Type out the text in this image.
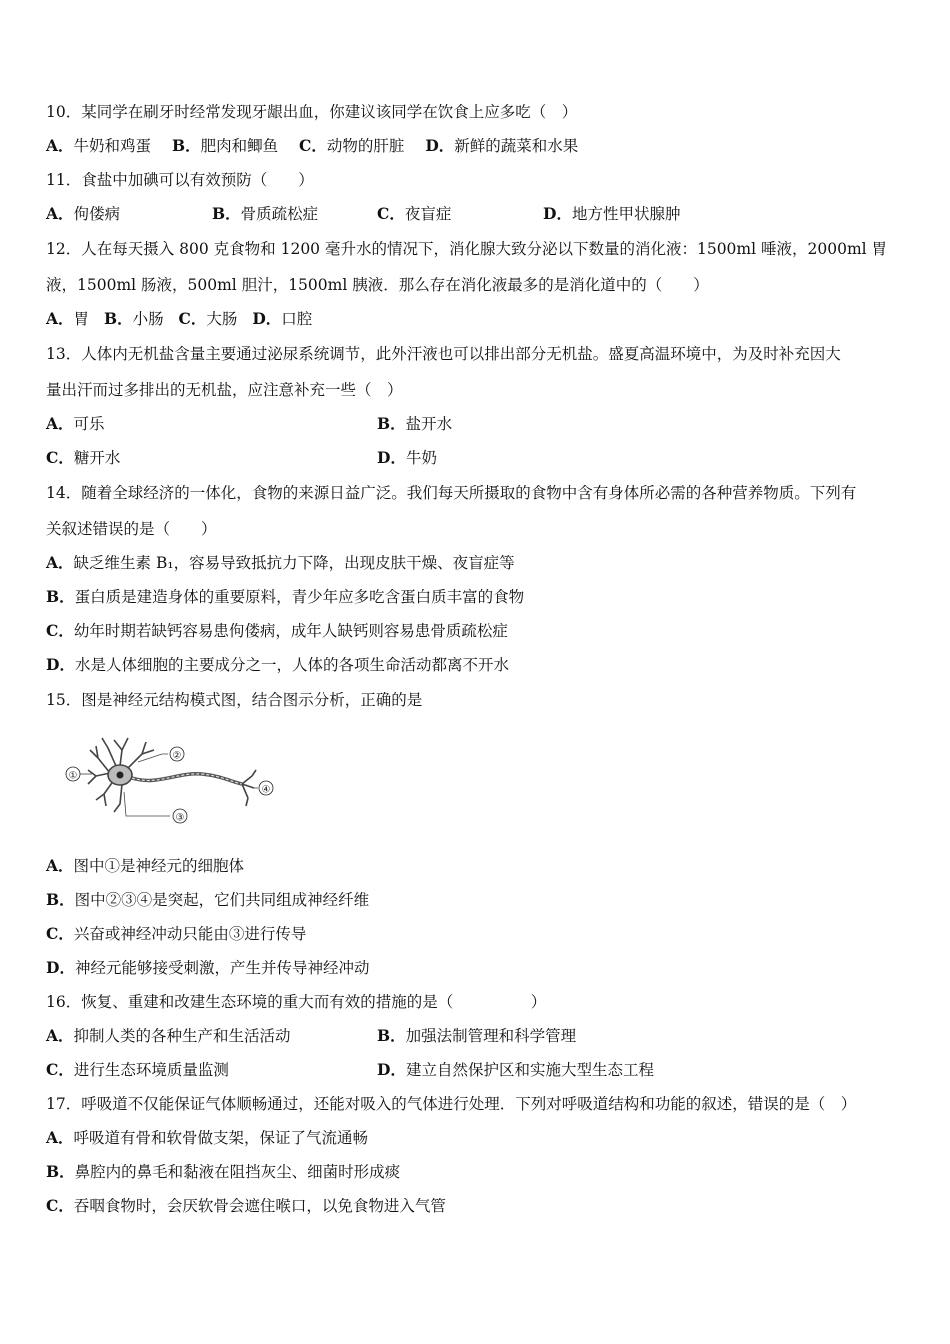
10．某同学在刷牙时经常发现牙龈出血，你建议该同学在饮食上应多吃（　）
A．牛奶和鸡蛋 B．肥肉和鲫鱼 C．动物的肝脏 D．新鲜的蔬菜和水果
11．食盐中加碘可以有效预防（　　）
A．佝偻病	B．骨质疏松症	C．夜盲症	D．地方性甲状腺肿
12．人在每天摄入 800 克食物和 1200 毫升水的情况下，消化腺大致分泌以下数量的消化液：1500ml 唾液，2000ml 胃
液，1500ml 肠液，500ml 胆汁，1500ml 胰液．那么存在消化液最多的是消化道中的（　　）
A．胃 B．小肠 C．大肠 D．口腔
13．人体内无机盐含量主要通过泌尿系统调节，此外汗液也可以排出部分无机盐。盛夏高温环境中，为及时补充因大
量出汗而过多排出的无机盐，应注意补充一些（　）
A．可乐	B．盐开水
C．糖开水	D．牛奶
14．随着全球经济的一体化，食物的来源日益广泛。我们每天所摄取的食物中含有身体所必需的各种营养物质。下列有
关叙述错误的是（　　）
A．缺乏维生素 B₁，容易导致抵抗力下降，出现皮肤干燥、夜盲症等
B．蛋白质是建造身体的重要原料，青少年应多吃含蛋白质丰富的食物
C．幼年时期若缺钙容易患佝偻病，成年人缺钙则容易患骨质疏松症
D．水是人体细胞的主要成分之一，人体的各项生命活动都离不开水
15．图是神经元结构模式图，结合图示分析，正确的是
①
②
③
④
A．图中①是神经元的细胞体
B．图中②③④是突起，它们共同组成神经纤维
C．兴奋或神经冲动只能由③进行传导
D．神经元能够接受刺激，产生并传导神经冲动
16．恢复、重建和改建生态环境的重大而有效的措施的是（　　　　　）
A．抑制人类的各种生产和生活活动	B．加强法制管理和科学管理
C．进行生态环境质量监测	D．建立自然保护区和实施大型生态工程
17．呼吸道不仅能保证气体顺畅通过，还能对吸入的气体进行处理．下列对呼吸道结构和功能的叙述，错误的是（　）
A．呼吸道有骨和软骨做支架，保证了气流通畅
B．鼻腔内的鼻毛和黏液在阻挡灰尘、细菌时形成痰
C．吞咽食物时，会厌软骨会遮住喉口，以免食物进入气管
